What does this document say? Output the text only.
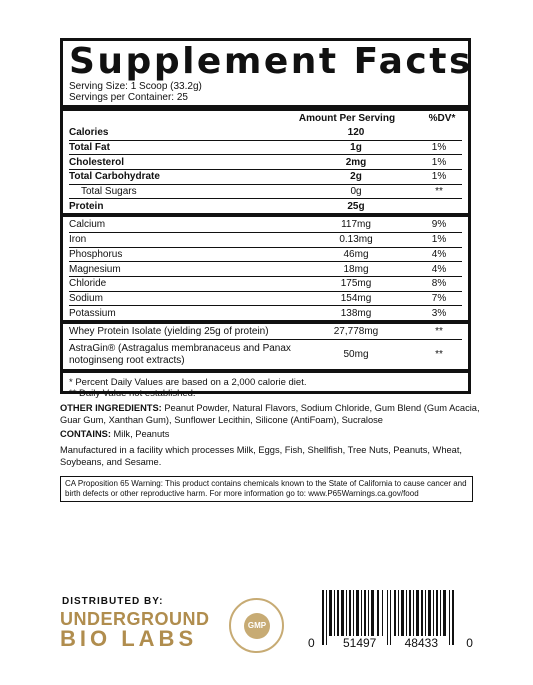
Supplement Facts
Serving Size: 1 Scoop (33.2g)
Servings per Container: 25
Amount Per Serving	%DV*
Calories	120
Total Fat	1g	1%
Cholesterol	2mg	1%
Total Carbohydrate	2g	1%
Total Sugars	0g	**
Protein	25g
Calcium	117mg	9%
Iron	0.13mg	1%
Phosphorus	46mg	4%
Magnesium	18mg	4%
Chloride	175mg	8%
Sodium	154mg	7%
Potassium	138mg	3%
Whey Protein Isolate (yielding 25g of protein)	27,778mg	**
AstraGin® (Astragalus membranaceus and Panax notoginseng root extracts)
50mg	**
* Percent Daily Values are based on a 2,000 calorie diet.
** Daily Value not established.
OTHER INGREDIENTS: Peanut Powder, Natural Flavors, Sodium Chloride, Gum Blend (Gum Acacia, Guar Gum, Xanthan Gum), Sunflower Lecithin, Silicone (AntiFoam), Sucralose
CONTAINS: Milk, Peanuts
Manufactured in a facility which processes Milk, Eggs, Fish, Shellfish, Tree Nuts, Peanuts, Wheat, Soybeans, and Sesame.
CA Proposition 65 Warning: This product contains chemicals known to the State of California to cause cancer and birth defects or other reproductive harm. For more information go to: www.P65Warnings.ca.gov/food
DISTRIBUTED BY:
UNDERGROUND
BIO LABS
GMP
0 51497 48433 0
